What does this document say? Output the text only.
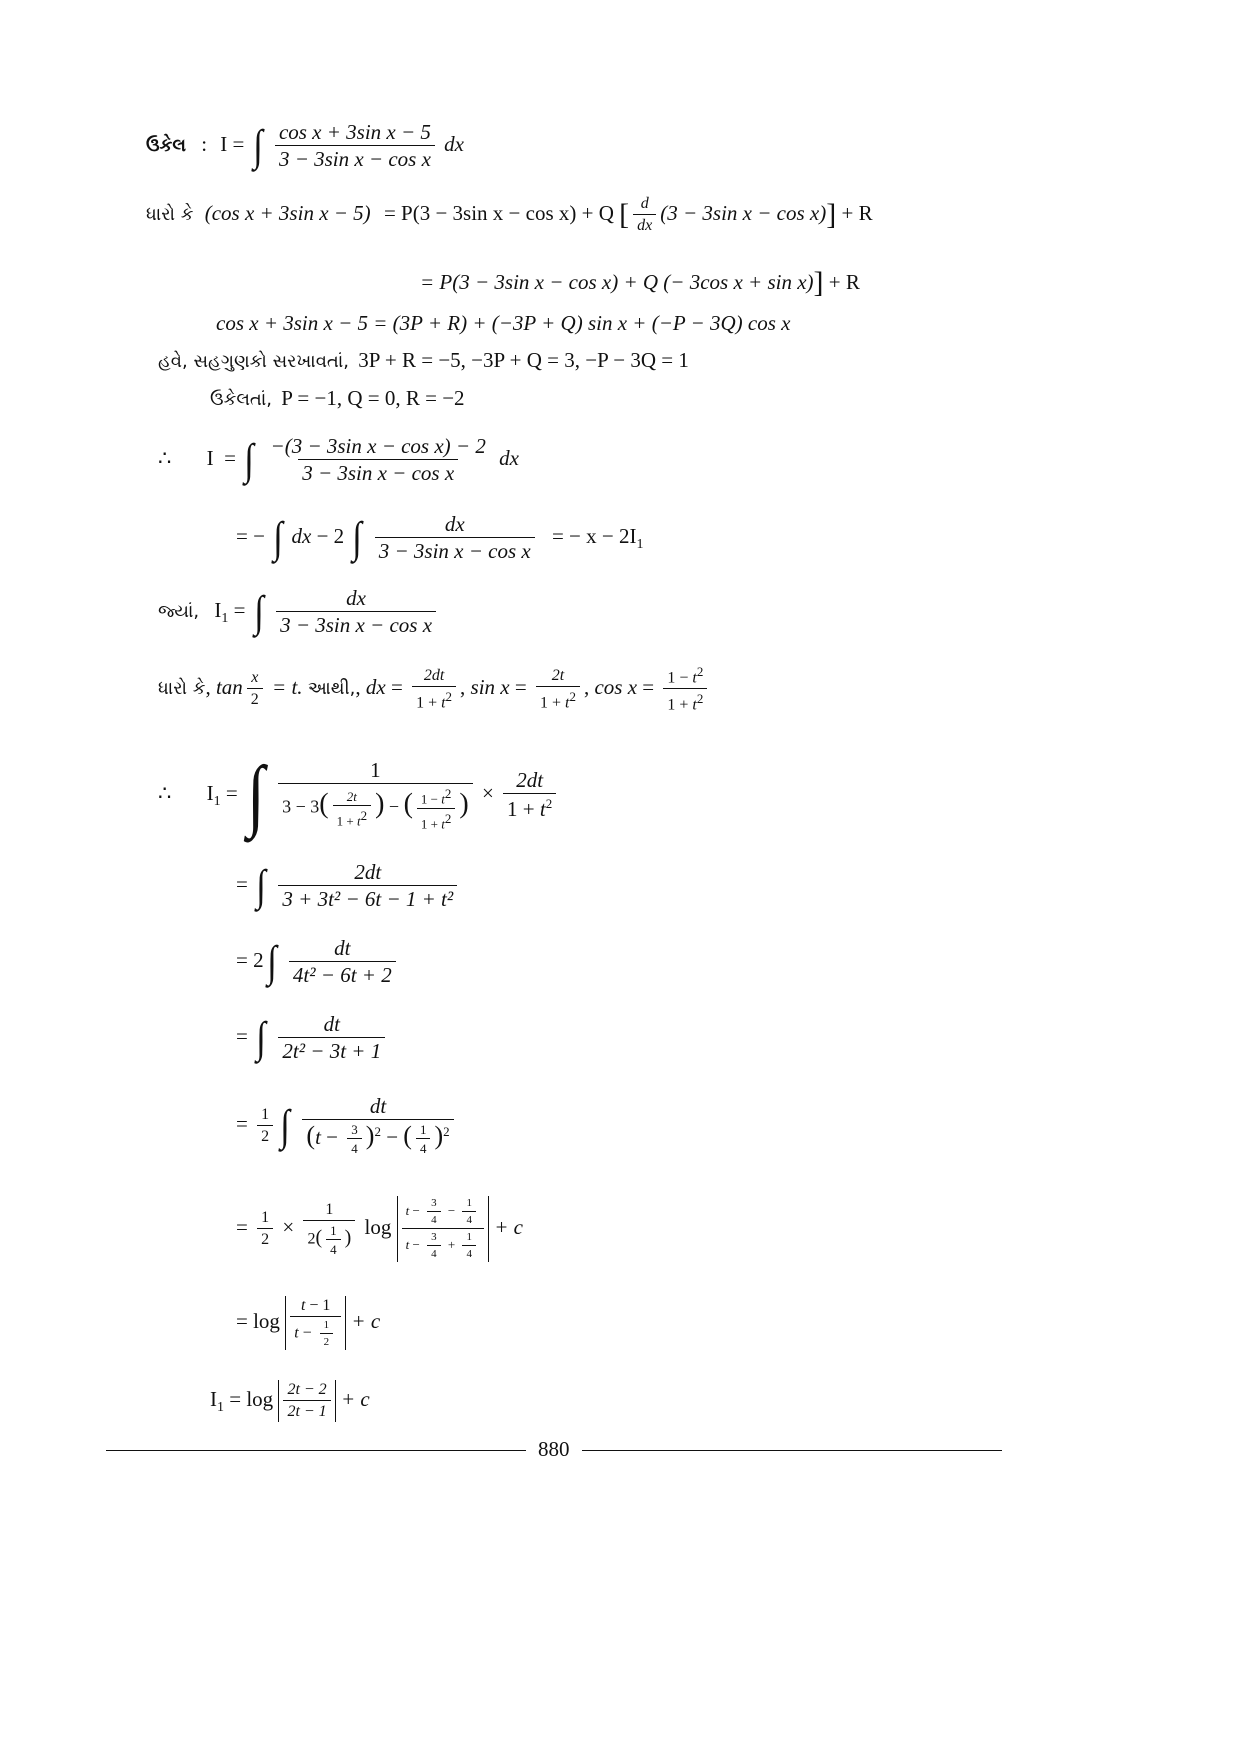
ઉકેલ : I = ∫ $\frac{\text{cos x + 3sin x − 5}}{\text{3 − 3sin x − cos x}}$ dx
ધારો કે (cos x + 3sin x − 5) = P(3 − 3sin x − cos x) + Q [ $\frac{d}{dx} (3 - 3\sin$ x − cos x)] + R
= P(3 − 3sin x − cos x) + Q (− 3cos x + sin x)] + R
cos x + 3sin x − 5 = (3P + R) + (−3P + Q) sin x + (−P − 3Q) cos x
હવે, સહગુણકો સરખાવતાં, 3P + R = −5, −3P + Q = 3, −P − 3Q = 1
ઉકેલતાં, P = −1, Q = 0, R = −2
∴ I  = ∫ $\frac{\text{−(3 − 3sin x − cos x) − 2}}{\text{3 − 3sin x − cos x}}$ dx
= − ∫ dx − 2 ∫ $\frac{dx}{\text{3 − 3sin x − cos x}}$ = − $x - 2I_1$
જ્યાં, $I_1$ = ∫ $\frac{dx}{\text{3 − 3sin x − cos x}}$
ધારો કે, $\tan \frac{x}{2} = t$. આથી,, dx = $\frac{2dt}{1 + t^2}$ , $\sin x = \frac{2t}{1 + t^2}$ , $\cos x = \frac{1 - t^2}{1 + t^2}$
∴ $I_1$ = ∫ $\frac{1}{3 - 3( \frac{2t}{1 + t^2} ) - ( \frac{1 - t^2}{1 + t^2} )} \times \frac{2dt}{1 + t^2}$
= ∫ $\frac{2dt}{\text{3 + 3t² − 6t − 1 + t²}}$
= $2\int \frac{dt}{\text{4t² − 6t + 2}}$
= ∫ $\frac{dt}{\text{2t² − 3t + 1}}$
= $\frac{1}{2}$ ∫ $\frac{dt}{(t - \frac{3}{4} )^2 - ( \frac{1}{4} )^2}$
= $\frac{1}{2} \times \frac{1}{2( \frac{1}{4} )}$ $\log \frac{t - \frac{3}{4} - \frac{1}{4}}{t - \frac{3}{4} + \frac{1}{4}} + c$
= $\log \frac{t - 1}{t - \frac{1}{2}} + c$
$I_1 = \log \frac{2t - 2}{2t - 1} + c$
880
